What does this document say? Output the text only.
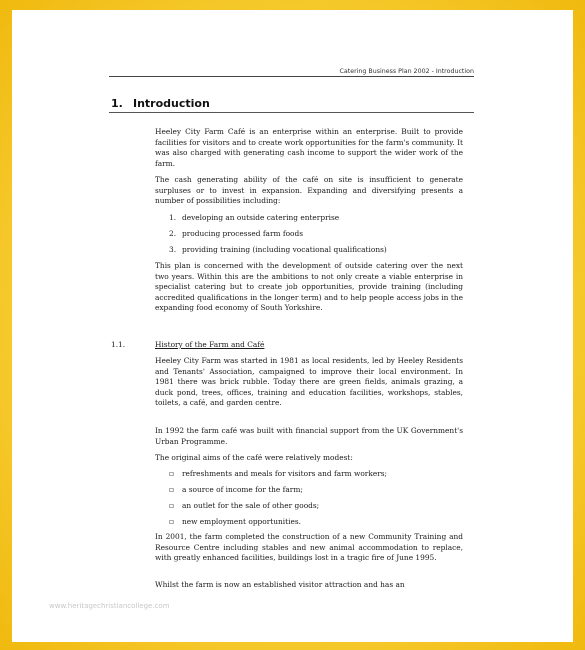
Catering Business Plan 2002 - Introduction
1. Introduction

Heeley City Farm Café is an enterprise within an enterprise. Built to provide facilities for visitors and to create work opportunities for the farm's community. It was also charged with generating cash income to support the wider work of the farm.

The cash generating ability of the café on site is insufficient to generate surpluses or to invest in expansion. Expanding and diversifying presents a number of possibilities including:

1. developing an outside catering enterprise
2. producing processed farm foods
3. providing training (including vocational qualifications)

This plan is concerned with the development of outside catering over the next two years. Within this are the ambitions to not only create a viable enterprise in specialist catering but to create job opportunities, provide training (including accredited qualifications in the longer term) and to help people access jobs in the expanding food economy of South Yorkshire.

1.1.	History of the Farm and Café

Heeley City Farm was started in 1981 as local residents, led by Heeley Residents and Tenants' Association, campaigned to improve their local environment. In 1981 there was brick rubble. Today there are green fields, animals grazing, a duck pond, trees, offices, training and education facilities, workshops, stables, toilets, a café, and garden centre.

In 1992 the farm café was built with financial support from the UK Government's Urban Programme.

The original aims of the café were relatively modest:

▫ refreshments and meals for visitors and farm workers;
▫ a source of income for the farm;
▫ an outlet for the sale of other goods;
▫ new employment opportunities.

In 2001, the farm completed the construction of a new Community Training and Resource Centre including stables and new animal accommodation to replace, with greatly enhanced facilities, buildings lost in a tragic fire of June 1995.

Whilst the farm is now an established visitor attraction and has an

www.heritagechristiancollege.com
